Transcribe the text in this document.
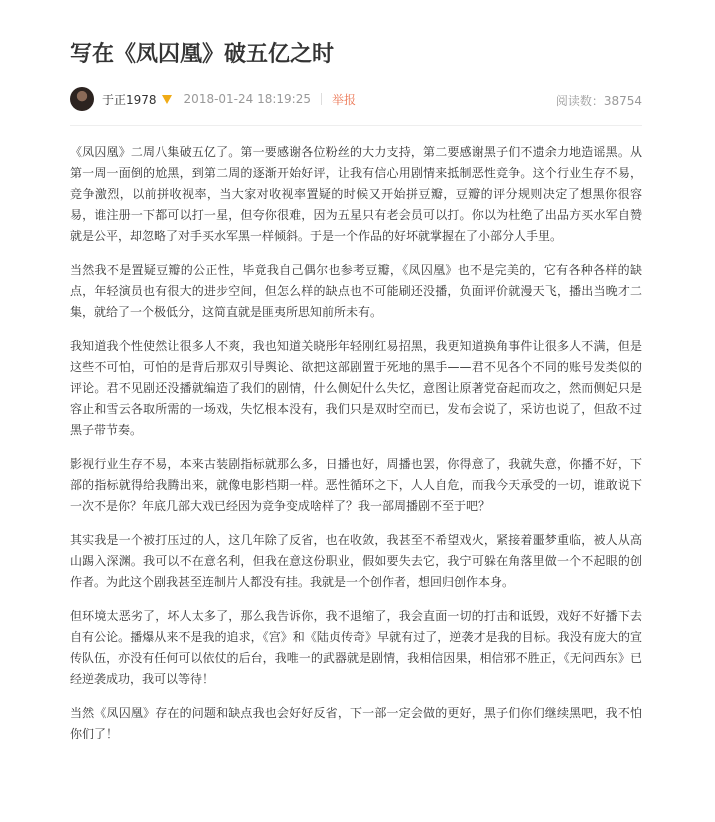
写在《凤囚凰》破五亿之时
于正1978 2018-01-24 18:19:25 举报	阅读数：38754

《凤囚凰》二周八集破五亿了。第一要感谢各位粉丝的大力支持，第二要感谢黑子们不遗余力地造谣黑。从第一周一面倒的尬黑，到第二周的逐渐开始好评，让我有信心用剧情来抵制恶性竞争。这个行业生存不易，竞争激烈，以前拼收视率，当大家对收视率置疑的时候又开始拼豆瓣，豆瓣的评分规则决定了想黑你很容易，谁注册一下都可以打一星，但夸你很难，因为五星只有老会员可以打。你以为杜绝了出品方买水军自赞就是公平，却忽略了对手买水军黑一样倾斜。于是一个作品的好坏就掌握在了小部分人手里。

当然我不是置疑豆瓣的公正性，毕竟我自己偶尔也参考豆瓣，《凤囚凰》也不是完美的，它有各种各样的缺点，年轻演员也有很大的进步空间，但怎么样的缺点也不可能刷还没播，负面评价就漫天飞，播出当晚才二集，就给了一个极低分，这简直就是匪夷所思知前所未有。

我知道我个性使然让很多人不爽，我也知道关晓彤年轻刚红易招黑，我更知道换角事件让很多人不满，但是这些不可怕，可怕的是背后那双引导舆论、欲把这部剧置于死地的黑手——君不见各个不同的账号发类似的评论。君不见剧还没播就编造了我们的剧情，什么侧妃什么失忆，意图让原著党奋起而攻之，然而侧妃只是容止和雪云各取所需的一场戏，失忆根本没有，我们只是双时空而已，发布会说了，采访也说了，但敌不过黑子带节奏。

影视行业生存不易，本来古装剧指标就那么多，日播也好，周播也罢，你得意了，我就失意，你播不好，下部的指标就得给我腾出来，就像电影档期一样。恶性循环之下，人人自危，而我今天承受的一切，谁敢说下一次不是你？年底几部大戏已经因为竞争变成啥样了？我一部周播剧不至于吧？

其实我是一个被打压过的人，这几年除了反省，也在收敛，我甚至不希望戏火，紧接着噩梦重临，被人从高山踢入深渊。我可以不在意名利，但我在意这份职业，假如要失去它，我宁可躲在角落里做一个不起眼的创作者。为此这个剧我甚至连制片人都没有挂。我就是一个创作者，想回归创作本身。

但环境太恶劣了，坏人太多了，那么我告诉你，我不退缩了，我会直面一切的打击和诋毁，戏好不好播下去自有公论。播爆从来不是我的追求，《宫》和《陆贞传奇》早就有过了，逆袭才是我的目标。我没有庞大的宣传队伍，亦没有任何可以依仗的后台，我唯一的武器就是剧情，我相信因果，相信邪不胜正，《无问西东》已经逆袭成功，我可以等待！

当然《凤囚凰》存在的问题和缺点我也会好好反省，下一部一定会做的更好，黑子们你们继续黑吧，我不怕你们了！
